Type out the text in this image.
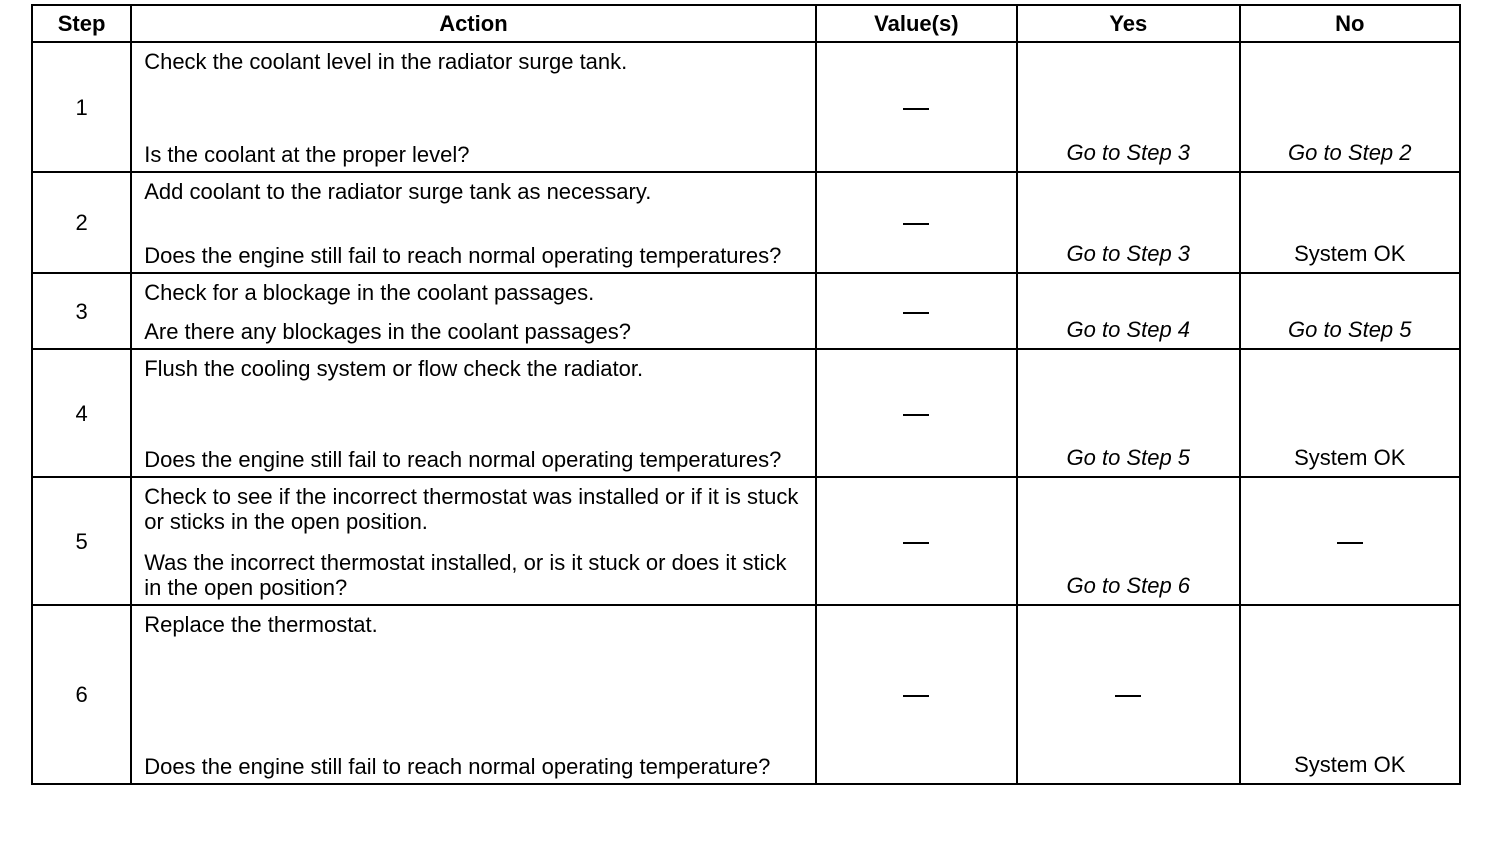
Step	Action	Value(s)	Yes	No
1	Check the coolant level in the radiator surge tank.
Is the coolant at the proper level?		Go to Step 3	Go to Step 2
2	Add coolant to the radiator surge tank as necessary.
Does the engine still fail to reach normal operating temperatures?		Go to Step 3	System OK
3	Check for a blockage in the coolant passages.
Are there any blockages in the coolant passages?		Go to Step 4	Go to Step 5
4	Flush the cooling system or flow check the radiator.
Does the engine still fail to reach normal operating temperatures?		Go to Step 5	System OK
5	Check to see if the incorrect thermostat was installed or if it is stuck or sticks in the open position.
Was the incorrect thermostat installed, or is it stuck or does it stick in the open position?		Go to Step 6	
6	Replace the thermostat.
Does the engine still fail to reach normal operating temperature?			System OK
